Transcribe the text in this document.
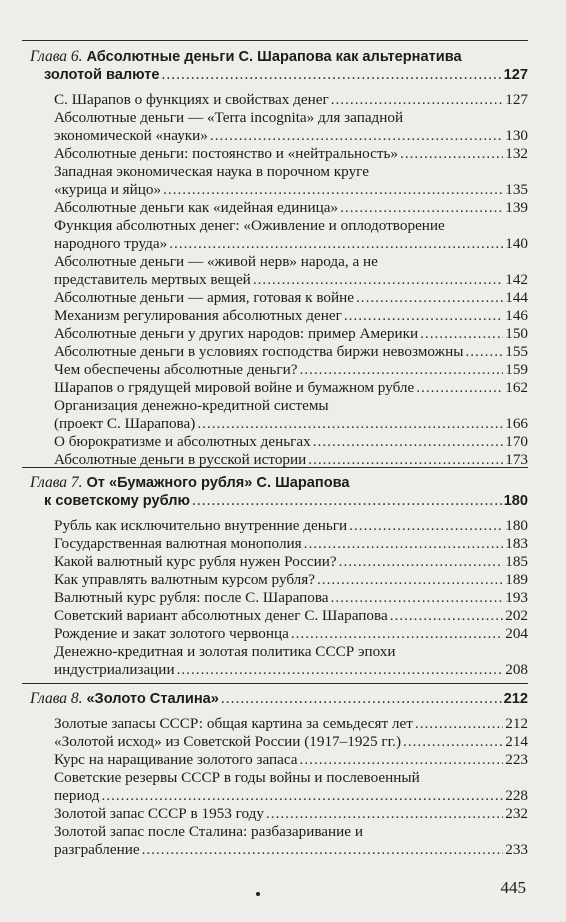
Глава 6. Абсолютные деньги С. Шарапова как альтернатива
золотой валюте .....	127
С. Шарапов о функциях и свойствах денег .....	127
Абсолютные деньги — «Terra incognita» для западной
экономической «науки» .....	130
Абсолютные деньги: постоянство и «нейтральность» .....	132
Западная экономическая наука в порочном круге
«курица и яйцо» .....	135
Абсолютные деньги как «идейная единица» .....	139
Функция абсолютных денег: «Оживление и оплодотворение
народного труда» .....	140
Абсолютные деньги — «живой нерв» народа, а не
представитель мертвых вещей .....	142
Абсолютные деньги — армия, готовая к войне .....	144
Механизм регулирования абсолютных денег .....	146
Абсолютные деньги у других народов: пример Америки .....	150
Абсолютные деньги в условиях господства биржи невозможны .....	155
Чем обеспечены абсолютные деньги? .....	159
Шарапов о грядущей мировой войне и бумажном рубле .....	162
Организация денежно-кредитной системы
(проект С. Шарапова) .....	166
О бюрократизме и абсолютных деньгах .....	170
Абсолютные деньги в русской истории .....	173
Глава 7. От «Бумажного рубля» С. Шарапова
к советскому рублю .....	180
Рубль как исключительно внутренние деньги .....	180
Государственная валютная монополия .....	183
Какой валютный курс рубля нужен России? .....	185
Как управлять валютным курсом рубля? .....	189
Валютный курс рубля: после С. Шарапова .....	193
Советский вариант абсолютных денег С. Шарапова .....	202
Рождение и закат золотого червонца .....	204
Денежно-кредитная и золотая политика СССР эпохи
индустриализации .....	208
Глава 8. «Золото Сталина» .....	212
Золотые запасы СССР: общая картина за семьдесят лет .....	212
«Золотой исход» из Советской России (1917–1925 гг.) .....	214
Курс на наращивание золотого запаса .....	223
Советские резервы СССР в годы войны и послевоенный
период .....	228
Золотой запас СССР в 1953 году .....	232
Золотой запас после Сталина: разбазаривание и
разграбление .....	233
445
